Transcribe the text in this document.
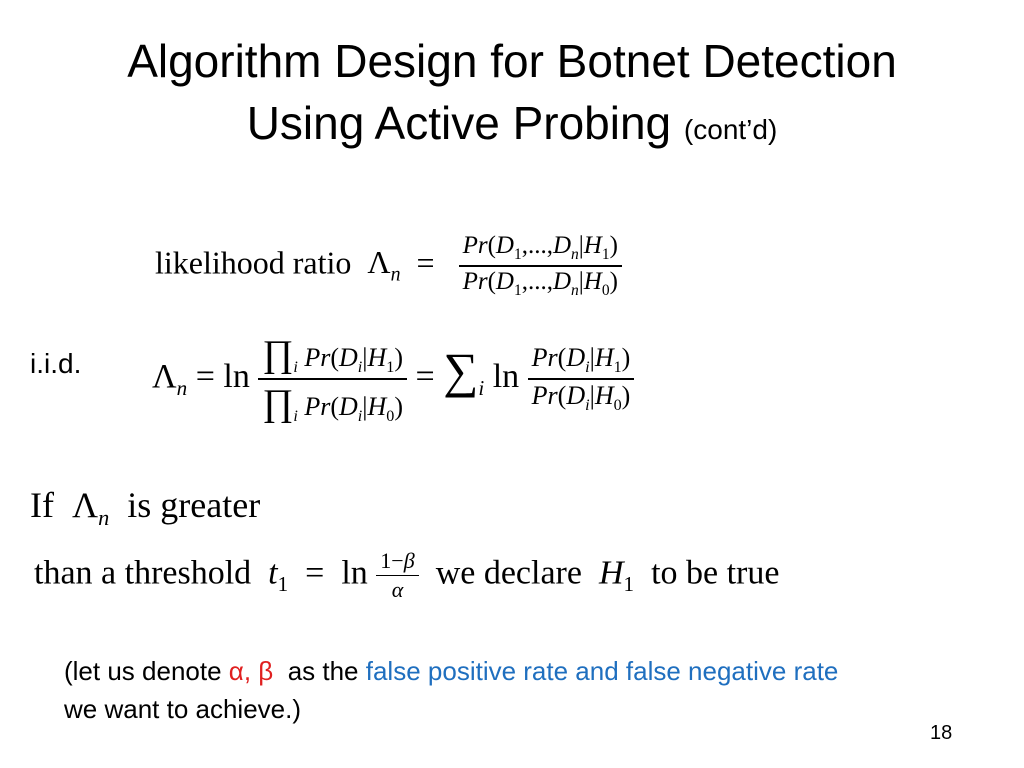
Algorithm Design for Botnet Detection
Using Active Probing (cont’d)
likelihood ratio $\Lambda_n = \frac{Pr(D_1,...,D_n|H_1)}{Pr(D_1,...,D_n|H_0)}$
i.i.d. $\Lambda_n = \ln \frac{\prod_i Pr(D_i|H_1)}{\prod_i Pr(D_i|H_0)} = \sum_i$ $\ln \frac{Pr(D_i|H_1)}{Pr(D_i|H_0)}$
If  $\Lambda_n$ is greater
than a threshold $t_1 = \ln \frac{1-\beta}{\alpha}$ we declare $H_1$ to be true
(let us denote α, β as the false positive rate and false negative rate
we want to achieve.)
18
